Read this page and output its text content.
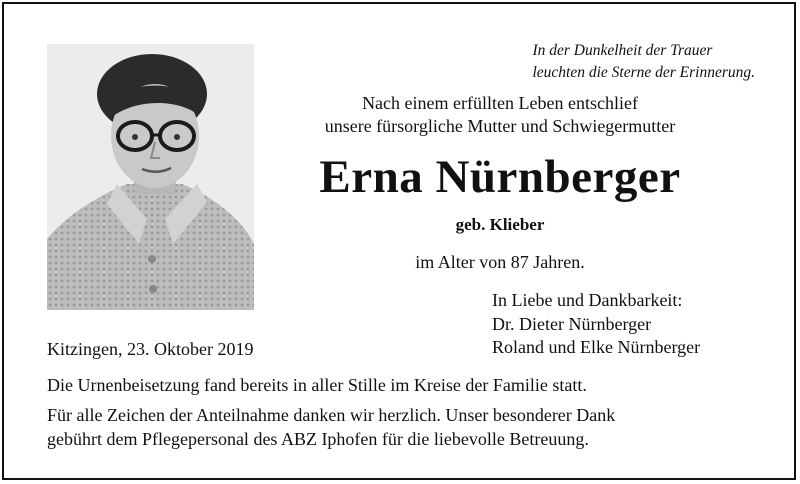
In der Dunkelheit der Trauer
leuchten die Sterne der Erinnerung.
Nach einem erfüllten Leben entschlief
unsere fürsorgliche Mutter und Schwiegermutter
Erna Nürnberger
geb. Klieber
im Alter von 87 Jahren.
In Liebe und Dankbarkeit:
Dr. Dieter Nürnberger
Roland und Elke Nürnberger
Kitzingen, 23. Oktober 2019
Die Urnenbeisetzung fand bereits in aller Stille im Kreise der Familie statt.
Für alle Zeichen der Anteilnahme danken wir herzlich. Unser besonderer Dank
gebührt dem Pflegepersonal des ABZ Iphofen für die liebevolle Betreuung.
